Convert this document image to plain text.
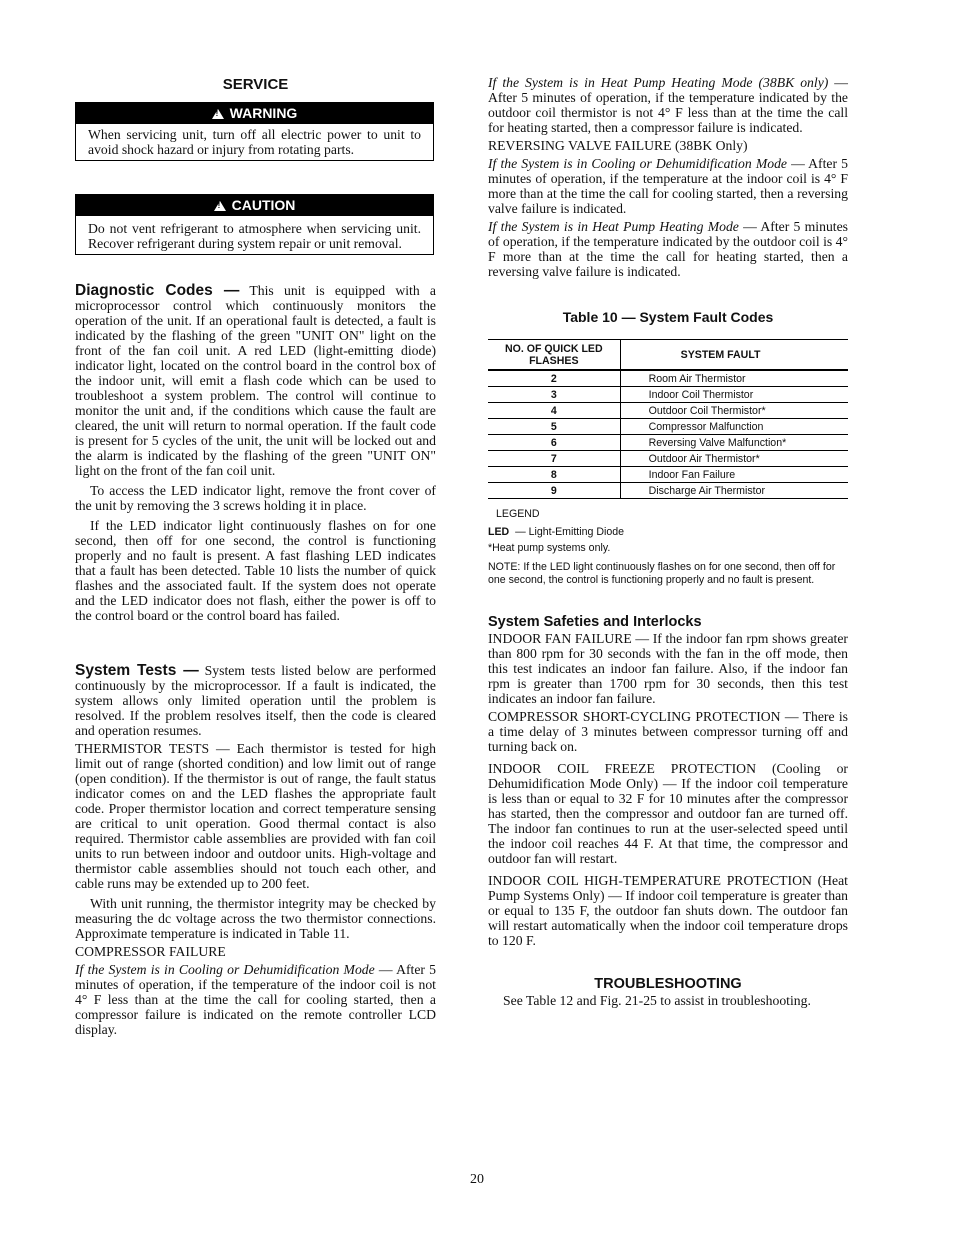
SERVICE
!WARNING
When servicing unit, turn off all electric power to unit to avoid shock hazard or injury from rotating parts.
!CAUTION
Do not vent refrigerant to atmosphere when servicing unit. Recover refrigerant during system repair or unit removal.

Diagnostic Codes — This unit is equipped with a microprocessor control which continuously monitors the operation of the unit. If an operational fault is detected, a fault is indicated by the flashing of the green "UNIT ON" light on the front of the fan coil unit. A red LED (light-emitting diode) indicator light, located on the control board in the control box of the indoor unit, will emit a flash code which can be used to troubleshoot a system problem. The control will continue to monitor the unit and, if the conditions which cause the fault are cleared, the unit will return to normal operation. If the fault code is present for 5 cycles of the unit, the unit will be locked out and the alarm is indicated by the flashing of the green "UNIT ON" light on the front of the fan coil unit.

To access the LED indicator light, remove the front cover of the unit by removing the 3 screws holding it in place.

If the LED indicator light continuously flashes on for one second, then off for one second, the control is functioning properly and no fault is present. A fast flashing LED indicates that a fault has been detected. Table 10 lists the number of quick flashes and the associated fault. If the system does not operate and the LED indicator does not flash, either the power is off to the control board or the control board has failed.

System Tests — System tests listed below are performed continuously by the microprocessor. If a fault is indicated, the system allows only limited operation until the problem is resolved. If the problem resolves itself, then the code is cleared and operation resumes.

THERMISTOR TESTS — Each thermistor is tested for high limit out of range (shorted condition) and low limit out of range (open condition). If the thermistor is out of range, the fault status indicator comes on and the LED flashes the appropriate fault code. Proper thermistor location and correct temperature sensing are critical to unit operation. Good thermal contact is also required. Thermistor cable assemblies are provided with fan coil units to run between indoor and outdoor units. High-voltage and thermistor cable assemblies should not touch each other, and cable runs may be extended up to 200 feet.

With unit running, the thermistor integrity may be checked by measuring the dc voltage across the two thermistor connections. Approximate temperature is indicated in Table 11.

COMPRESSOR FAILURE

If the System is in Cooling or Dehumidification Mode — After 5 minutes of operation, if the temperature of the indoor coil is not 4° F less than at the time the call for cooling started, then a compressor failure is indicated on the remote controller LCD display.

If the System is in Heat Pump Heating Mode (38BK only) — After 5 minutes of operation, if the temperature indicated by the outdoor coil thermistor is not 4° F less than at the time the call for heating started, then a compressor failure is indicated.

REVERSING VALVE FAILURE (38BK Only)

If the System is in Cooling or Dehumidification Mode — After 5 minutes of operation, if the temperature at the indoor coil is 4° F more than at the time the call for cooling started, then a reversing valve failure is indicated.

If the System is in Heat Pump Heating Mode — After 5 minutes of operation, if the temperature indicated by the outdoor coil is 4° F more than at the time the call for heating started, then a reversing valve failure is indicated.

Table 10 — System Fault Codes
NO. OF QUICK LED FLASHES	SYSTEM FAULT
2	Room Air Thermistor
3	Indoor Coil Thermistor
4	Outdoor Coil Thermistor*
5	Compressor Malfunction
6	Reversing Valve Malfunction*
7	Outdoor Air Thermistor*
8	Indoor Fan Failure
9	Discharge Air Thermistor
LEGEND
LED — Light-Emitting Diode
*Heat pump systems only.
NOTE: If the LED light continuously flashes on for one second, then off for one second, the control is functioning properly and no fault is present.
System Safeties and Interlocks

INDOOR FAN FAILURE — If the indoor fan rpm shows greater than 800 rpm for 30 seconds with the fan in the off mode, then this test indicates an indoor fan failure. Also, if the indoor fan rpm is greater than 1700 rpm for 30 seconds, then this test indicates an indoor fan failure.

COMPRESSOR SHORT-CYCLING PROTECTION — There is a time delay of 3 minutes between compressor turning off and turning back on.

INDOOR COIL FREEZE PROTECTION (Cooling or Dehumidification Mode Only) — If the indoor coil temperature is less than or equal to 32 F for 10 minutes after the compressor has started, then the compressor and outdoor fan are turned off. The indoor fan continues to run at the user-selected speed until the indoor coil reaches 44 F. At that time, the compressor and outdoor fan will restart.

INDOOR COIL HIGH-TEMPERATURE PROTECTION (Heat Pump Systems Only) — If indoor coil temperature is greater than or equal to 135 F, the outdoor fan shuts down. The outdoor fan will restart automatically when the indoor coil temperature drops to 120 F.

TROUBLESHOOTING

See Table 12 and Fig. 21-25 to assist in troubleshooting.

20
